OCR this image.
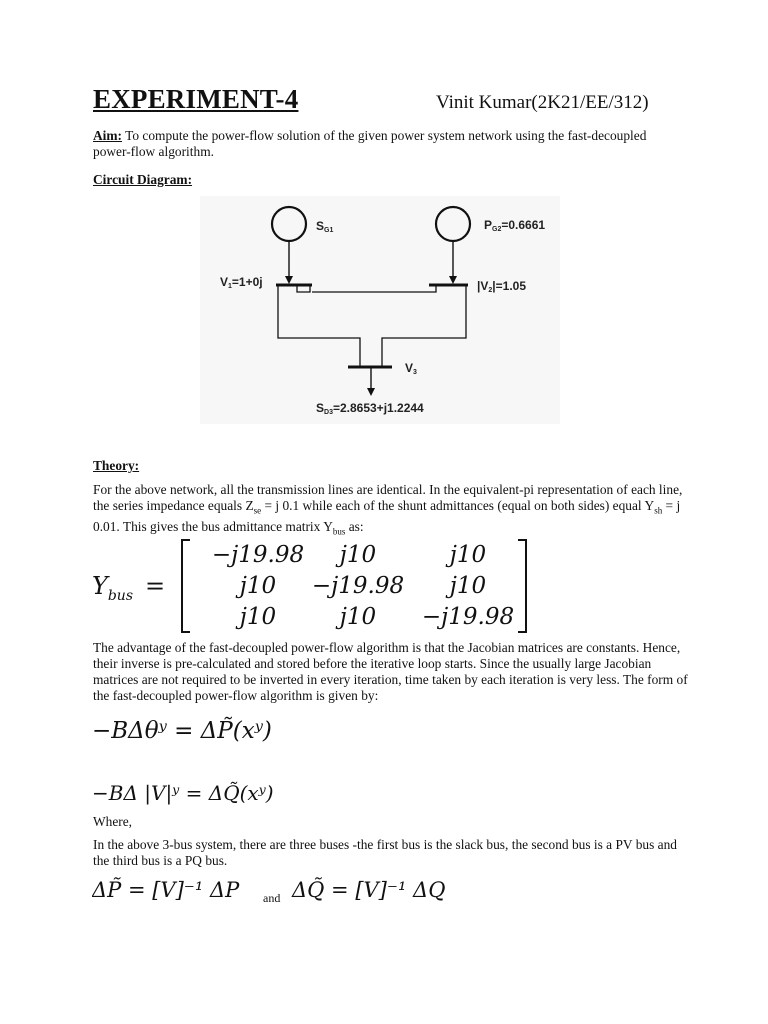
EXPERIMENT-4	Vinit Kumar(2K21/EE/312)
Aim: To compute the power-flow solution of the given power system network using the fast-decoupled power-flow algorithm.
Circuit Diagram:
SG1	PG2=0.6661
V1=1+0j	|V2|=1.05
V3
SD3=2.8653+j1.2244
Theory:
For the above network, all the transmission lines are identical. In the equivalent-pi representation of each line, the series impedance equals $Z_{se} = j$ 0.1 while each of the shunt admittances (equal on both sides) equal $Y_{sh} = j$ 0.01. This gives the bus admittance matrix $Y_{bus}$ as:
$Y_{bus}$ =
−j19.98 j10	j10
j10 −j19.98 j10
j10	j10 −j19.98
The advantage of the fast-decoupled power-flow algorithm is that the Jacobian matrices are constants. Hence, their inverse is pre-calculated and stored before the iterative loop starts. Since the usually large Jacobian matrices are not required to be inverted in every iteration, time taken by each iteration is very less. The form of the fast-decoupled power-flow algorithm is given by:
−BΔθʸ = ΔP̃(xʸ)
−BΔ |V|ʸ = ΔQ̃(xʸ)
Where,
In the above 3-bus system, there are three buses -the first bus is the slack bus, the second bus is a PV bus and the third bus is a PQ bus.
ΔP̃ = [V]⁻¹ ΔP and ΔQ̃ = [V]⁻¹ ΔQ
